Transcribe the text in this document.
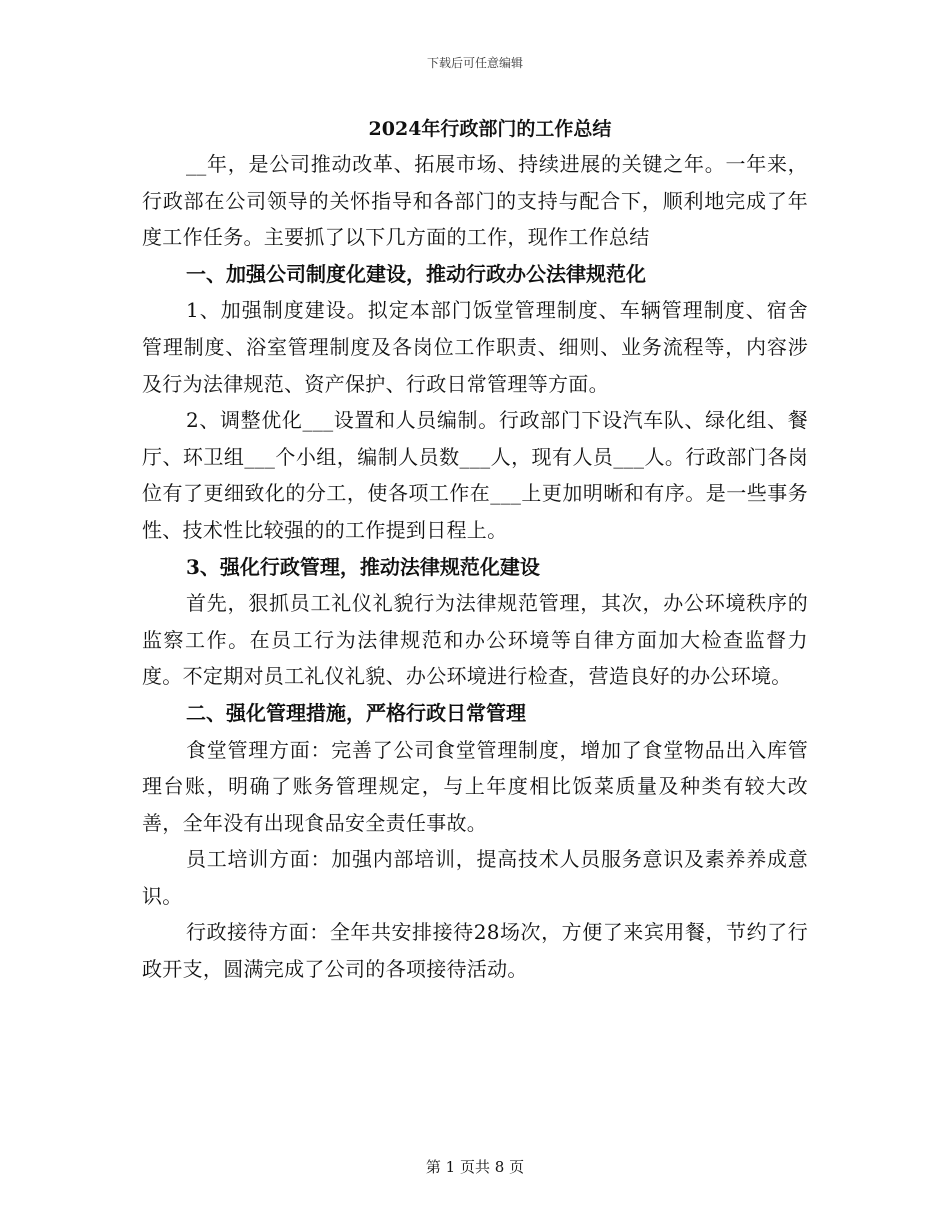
下载后可任意编辑
2024年行政部门的工作总结

__年，是公司推动改革、拓展市场、持续进展的关键之年。一年来，行政部在公司领导的关怀指导和各部门的支持与配合下，顺利地完成了年度工作任务。主要抓了以下几方面的工作，现作工作总结

一、加强公司制度化建设，推动行政办公法律规范化

1、加强制度建设。拟定本部门饭堂管理制度、车辆管理制度、宿舍管理制度、浴室管理制度及各岗位工作职责、细则、业务流程等，内容涉及行为法律规范、资产保护、行政日常管理等方面。

2、调整优化___设置和人员编制。行政部门下设汽车队、绿化组、餐厅、环卫组___个小组，编制人员数___人，现有人员___人。行政部门各岗位有了更细致化的分工，使各项工作在___上更加明晰和有序。是一些事务性、技术性比较强的的工作提到日程上。

3、强化行政管理，推动法律规范化建设

首先，狠抓员工礼仪礼貌行为法律规范管理，其次，办公环境秩序的监察工作。在员工行为法律规范和办公环境等自律方面加大检查监督力度。不定期对员工礼仪礼貌、办公环境进行检查，营造良好的办公环境。

二、强化管理措施，严格行政日常管理

食堂管理方面：完善了公司食堂管理制度，增加了食堂物品出入库管理台账，明确了账务管理规定，与上年度相比饭菜质量及种类有较大改善，全年没有出现食品安全责任事故。

员工培训方面：加强内部培训，提高技术人员服务意识及素养养成意识。

行政接待方面：全年共安排接待28场次，方便了来宾用餐，节约了行政开支，圆满完成了公司的各项接待活动。

第 1 页共 8 页
